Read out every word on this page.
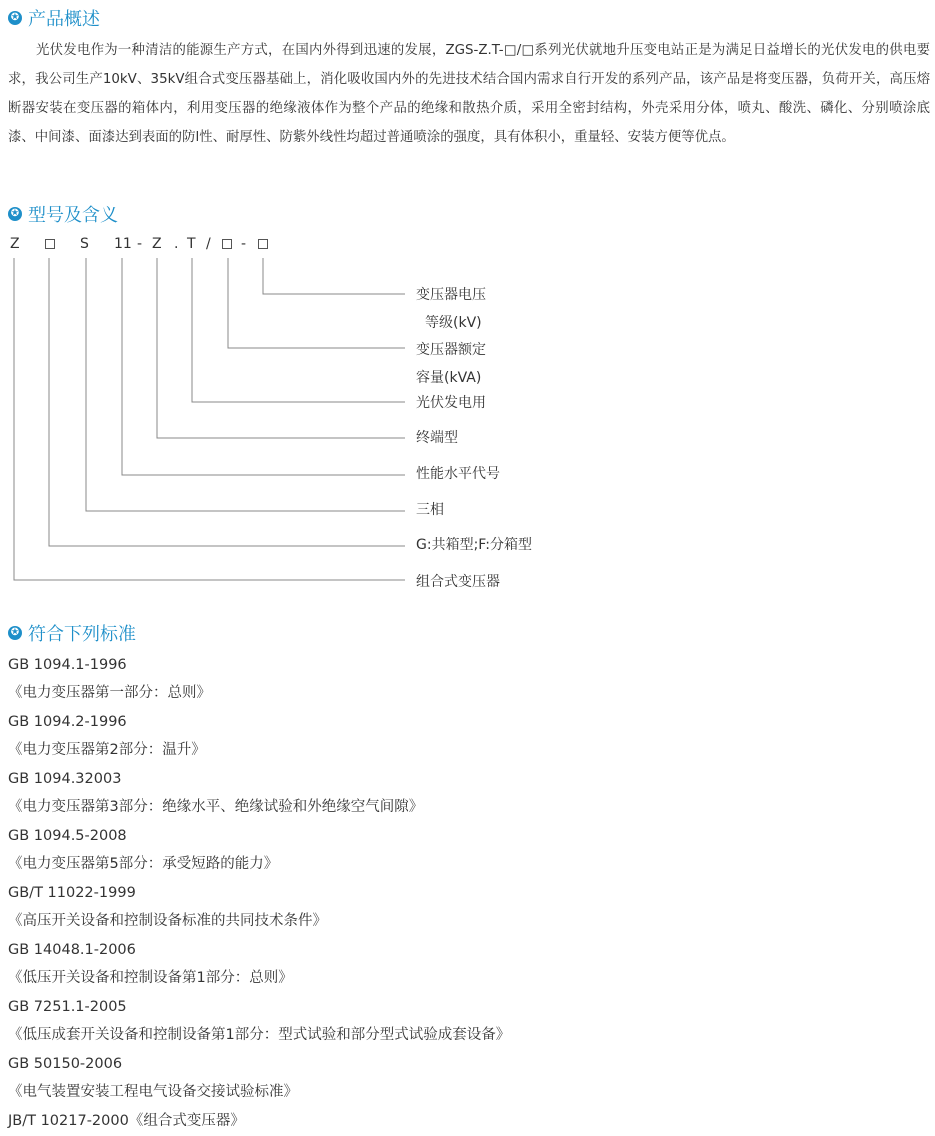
✪ 产品概述

光伏发电作为一种清洁的能源生产方式，在国内外得到迅速的发展，ZGS-Z.T-□/□系列光伏就地升压变电站正是为满足日益增长的光伏发电的供电要求，我公司生产10kV、35kV组合式变压器基础上，消化吸收国内外的先进技术结合国内需求自行开发的系列产品，该产品是将变压器，负荷开关，高压熔断器安装在变压器的箱体内，利用变压器的绝缘液体作为整个产品的绝缘和散热介质，采用全密封结构，外壳采用分体，喷丸、酸洗、磷化、分别喷涂底漆、中间漆、面漆达到表面的防l性、耐厚性、防紫外线性均超过普通喷涂的强度，具有体积小，重量轻、安装方便等优点。

✪ 型号及含义
Z	S 11 - Z . T / -
变压器电压
等级(kV)
变压器额定
容量(kVA)
光伏发电用
终端型
性能水平代号
三相
G:共箱型;F:分箱型
组合式变压器
✪ 符合下列标准
GB 1094.1-1996
《电力变压器第一部分：总则》
GB 1094.2-1996
《电力变压器第2部分：温升》
GB 1094.32003
《电力变压器第3部分：绝缘水平、绝缘试验和外绝缘空气间隙》
GB 1094.5-2008
《电力变压器第5部分：承受短路的能力》
GB/T 11022-1999
《高压开关设备和控制设备标准的共同技术条件》
GB 14048.1-2006
《低压开关设备和控制设备第1部分：总则》
GB 7251.1-2005
《低压成套开关设备和控制设备第1部分：型式试验和部分型式试验成套设备》
GB 50150-2006
《电气装置安装工程电气设备交接试验标准》
JB/T 10217-2000《组合式变压器》
